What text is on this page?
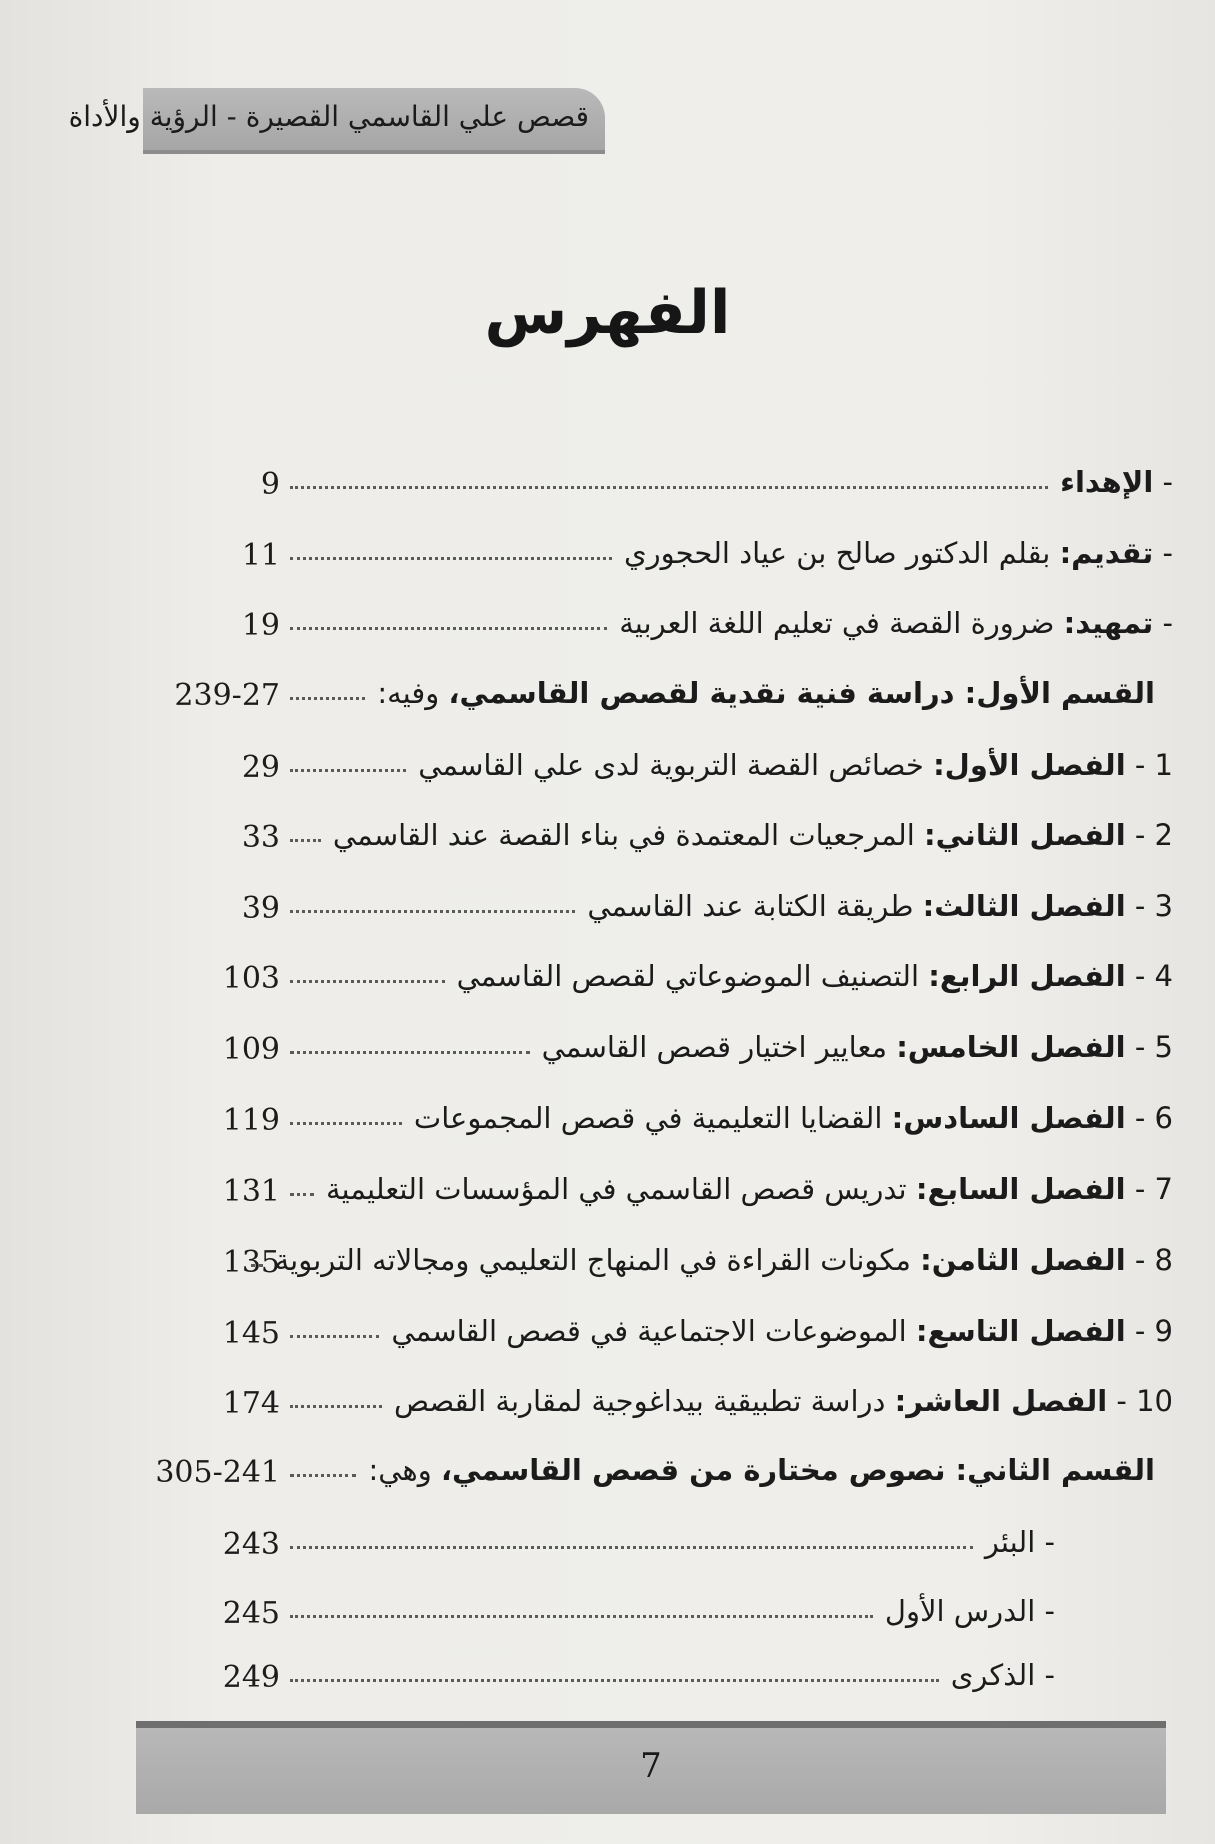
قصص علي القاسمي القصيرة - الرؤية والأداة
الفهرس
9	- الإهداء
11	- تقديم: بقلم الدكتور صالح بن عياد الحجوري
19	- تمهيد: ضرورة القصة في تعليم اللغة العربية
239-27	القسم الأول: دراسة فنية نقدية لقصص القاسمي، وفيه:
29	1 - الفصل الأول: خصائص القصة التربوية لدى علي القاسمي
33	2 - الفصل الثاني: المرجعيات المعتمدة في بناء القصة عند القاسمي
39	3 - الفصل الثالث: طريقة الكتابة عند القاسمي
103	4 - الفصل الرابع: التصنيف الموضوعاتي لقصص القاسمي
109	5 - الفصل الخامس: معايير اختيار قصص القاسمي
119	6 - الفصل السادس: القضايا التعليمية في قصص المجموعات
131	7 - الفصل السابع: تدريس قصص القاسمي في المؤسسات التعليمية
135	8 - الفصل الثامن: مكونات القراءة في المنهاج التعليمي ومجالاته التربوية
145	9 - الفصل التاسع: الموضوعات الاجتماعية في قصص القاسمي
174	10 - الفصل العاشر: دراسة تطبيقية بيداغوجية لمقاربة القصص
305-241	القسم الثاني: نصوص مختارة من قصص القاسمي، وهي:
243	- البئر
245	- الدرس الأول
249	- الذكرى
7
